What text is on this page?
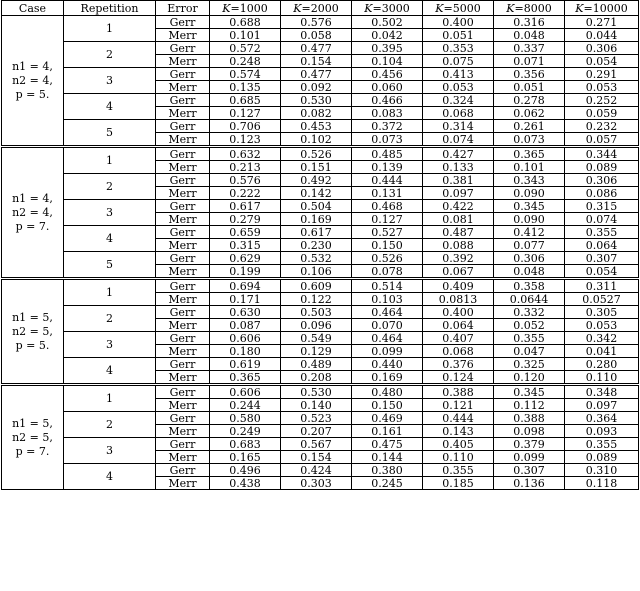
Case	Repetition	Error	K=1000	K=2000	K=3000	K=5000	K=8000	K=10000

n1 = 4,
n2 = 4,
p = 5.	1	Gerr	0.688	0.576	0.502	0.400	0.316	0.271
		Merr	0.101	0.058	0.042	0.051	0.048	0.044
	2	Gerr	0.572	0.477	0.395	0.353	0.337	0.306
		Merr	0.248	0.154	0.104	0.075	0.071	0.054
	3	Gerr	0.574	0.477	0.456	0.413	0.356	0.291
		Merr	0.135	0.092	0.060	0.053	0.051	0.053
	4	Gerr	0.685	0.530	0.466	0.324	0.278	0.252
		Merr	0.127	0.082	0.083	0.068	0.062	0.059
	5	Gerr	0.706	0.453	0.372	0.314	0.261	0.232
		Merr	0.123	0.102	0.073	0.074	0.073	0.057

n1 = 4,
n2 = 4,
p = 7.	1	Gerr	0.632	0.526	0.485	0.427	0.365	0.344
		Merr	0.213	0.151	0.139	0.133	0.101	0.089
	2	Gerr	0.576	0.492	0.444	0.381	0.343	0.306
		Merr	0.222	0.142	0.131	0.097	0.090	0.086
	3	Gerr	0.617	0.504	0.468	0.422	0.345	0.315
		Merr	0.279	0.169	0.127	0.081	0.090	0.074
	4	Gerr	0.659	0.617	0.527	0.487	0.412	0.355
		Merr	0.315	0.230	0.150	0.088	0.077	0.064
	5	Gerr	0.629	0.532	0.526	0.392	0.306	0.307
		Merr	0.199	0.106	0.078	0.067	0.048	0.054

n1 = 5,
n2 = 5,
p = 5.	1	Gerr	0.694	0.609	0.514	0.409	0.358	0.311
		Merr	0.171	0.122	0.103	0.0813	0.0644	0.0527
	2	Gerr	0.630	0.503	0.464	0.400	0.332	0.305
		Merr	0.087	0.096	0.070	0.064	0.052	0.053
	3	Gerr	0.606	0.549	0.464	0.407	0.355	0.342
		Merr	0.180	0.129	0.099	0.068	0.047	0.041
	4	Gerr	0.619	0.489	0.440	0.376	0.325	0.280
		Merr	0.365	0.208	0.169	0.124	0.120	0.110

n1 = 5,
n2 = 5,
p = 7.	1	Gerr	0.606	0.530	0.480	0.388	0.345	0.348
		Merr	0.244	0.140	0.150	0.121	0.112	0.097
	2	Gerr	0.580	0.523	0.469	0.444	0.388	0.364
		Merr	0.249	0.207	0.161	0.143	0.098	0.093
	3	Gerr	0.683	0.567	0.475	0.405	0.379	0.355
		Merr	0.165	0.154	0.144	0.110	0.099	0.089
	4	Gerr	0.496	0.424	0.380	0.355	0.307	0.310
		Merr	0.438	0.303	0.245	0.185	0.136	0.118
